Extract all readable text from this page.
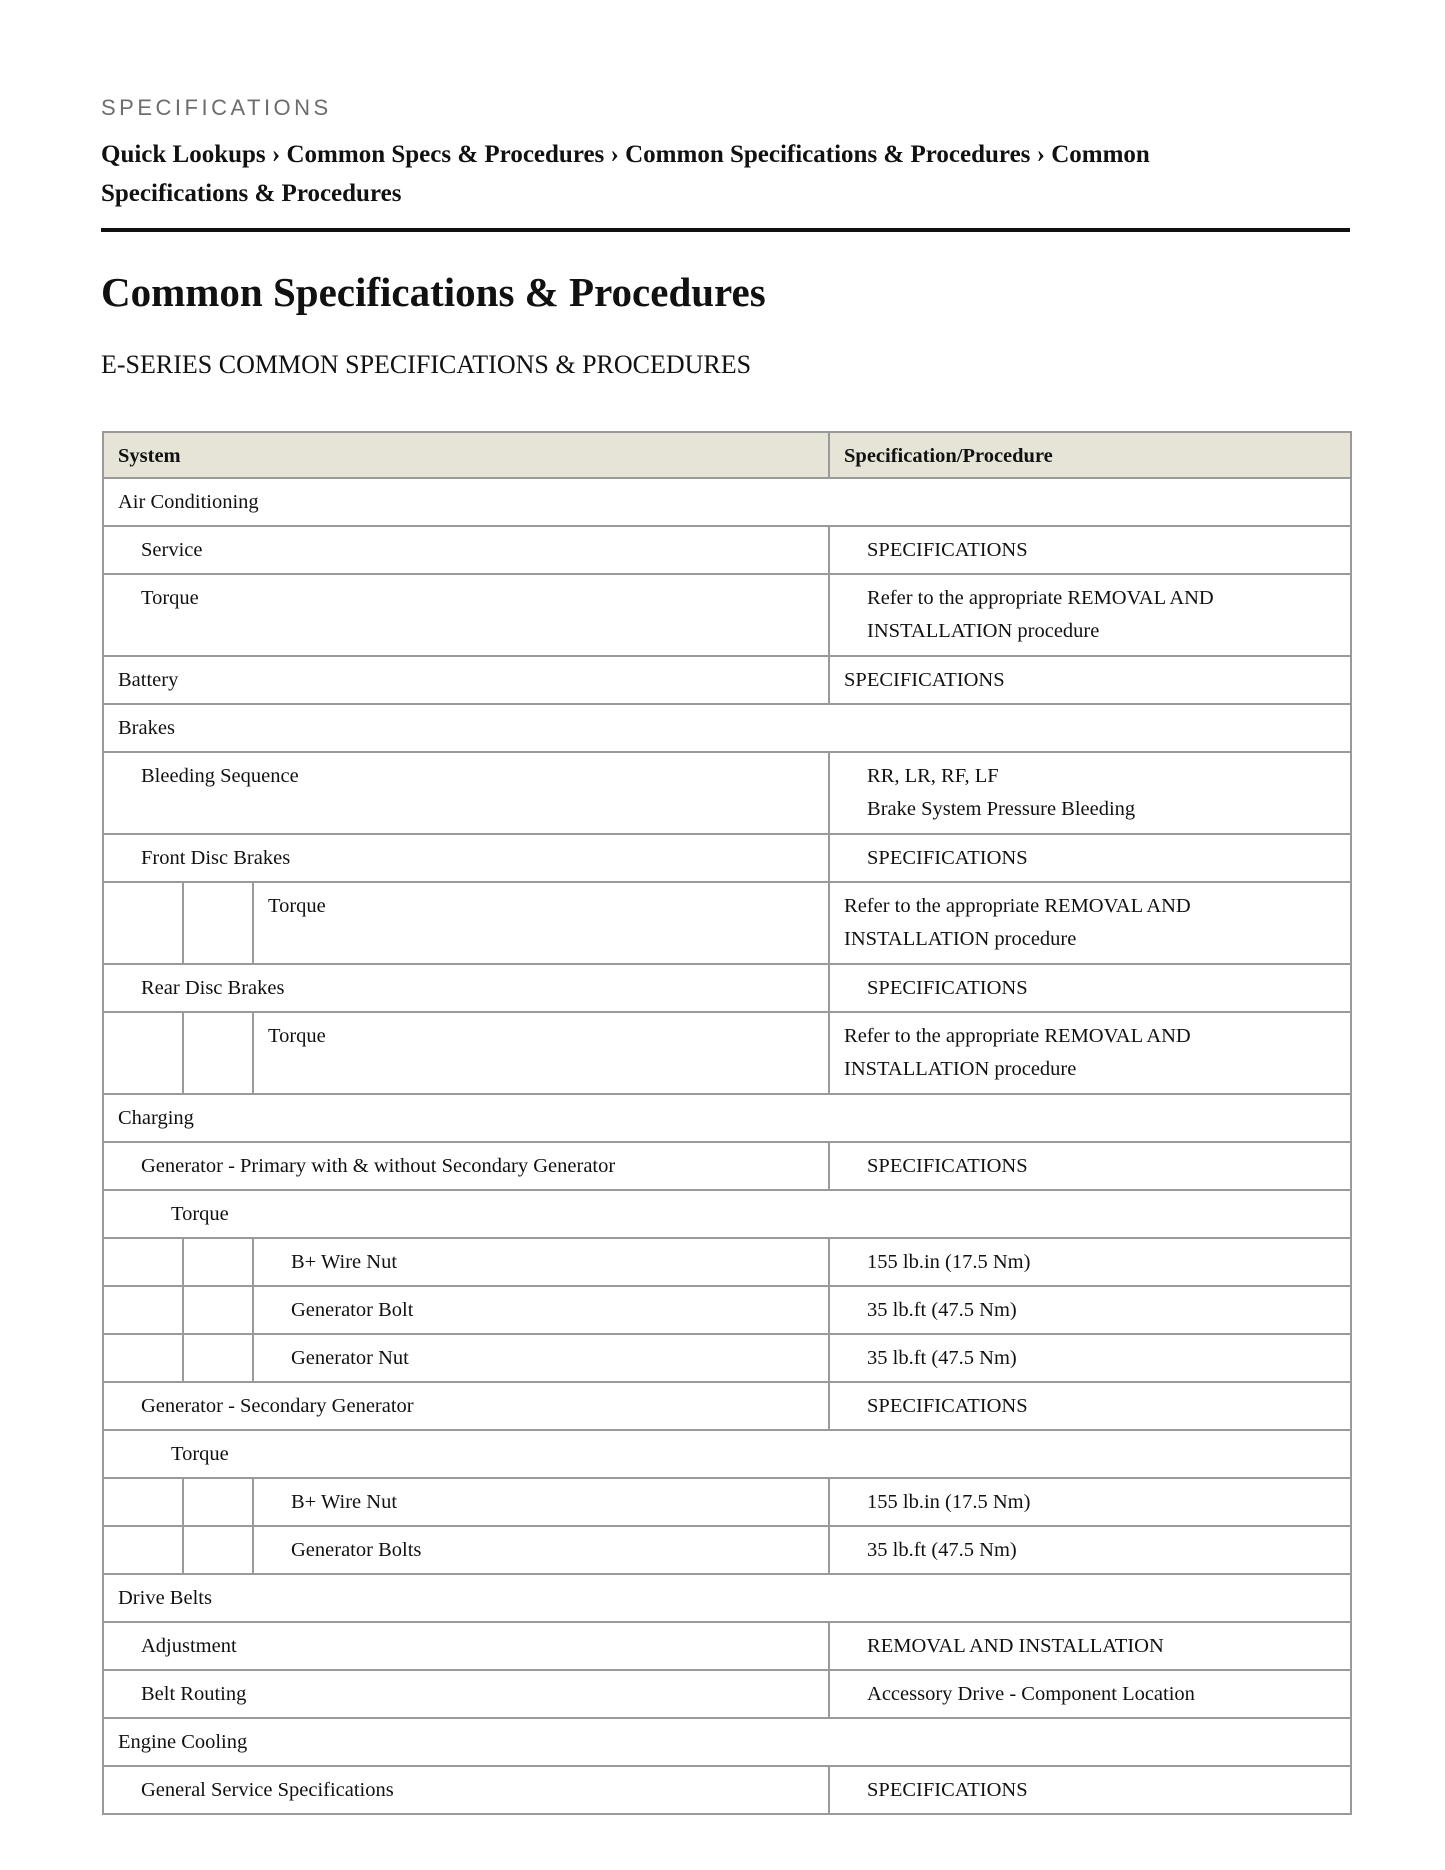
SPECIFICATIONS
Quick Lookups › Common Specs & Procedures › Common Specifications & Procedures › Common Specifications & Procedures
Common Specifications & Procedures
E-SERIES COMMON SPECIFICATIONS & PROCEDURES
System			Specification/Procedure
Air Conditioning			
Service			SPECIFICATIONS
Torque			Refer to the appropriate REMOVAL AND
INSTALLATION procedure
Battery			SPECIFICATIONS
Brakes			
Bleeding Sequence			RR, LR, RF, LF
Brake System Pressure Bleeding
Front Disc Brakes			SPECIFICATIONS
		Torque	Refer to the appropriate REMOVAL AND
INSTALLATION procedure
Rear Disc Brakes			SPECIFICATIONS
		Torque	Refer to the appropriate REMOVAL AND
INSTALLATION procedure
Charging			
Generator - Primary with & without Secondary Generator			SPECIFICATIONS
Torque			
		B+ Wire Nut	155 lb.in (17.5 Nm)
		Generator Bolt	35 lb.ft (47.5 Nm)
		Generator Nut	35 lb.ft (47.5 Nm)
Generator - Secondary Generator			SPECIFICATIONS
Torque			
		B+ Wire Nut	155 lb.in (17.5 Nm)
		Generator Bolts	35 lb.ft (47.5 Nm)
Drive Belts			
Adjustment			REMOVAL AND INSTALLATION
Belt Routing			Accessory Drive - Component Location
Engine Cooling			
General Service Specifications			SPECIFICATIONS
